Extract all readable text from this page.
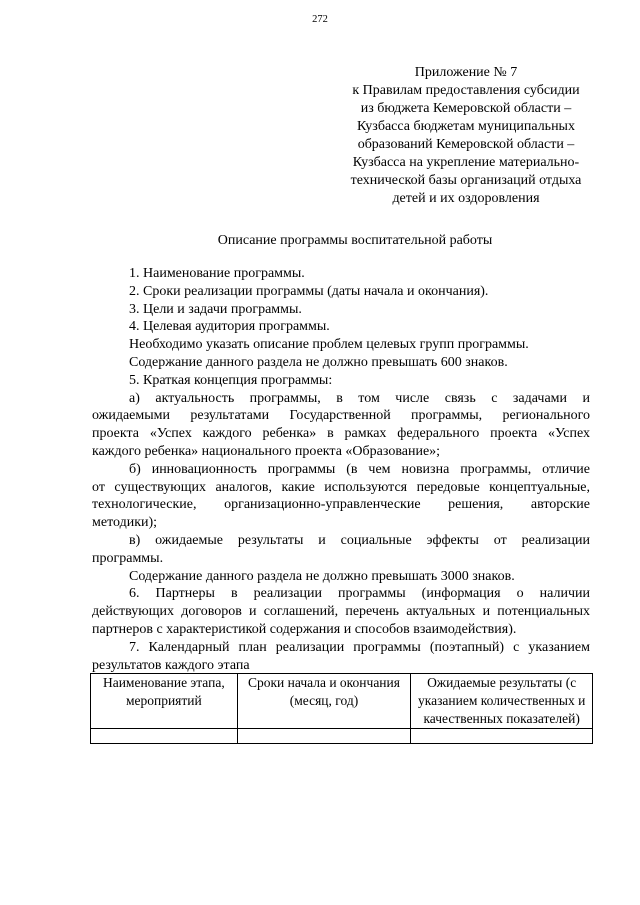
272
Приложение № 7
к Правилам предоставления субсидии
из бюджета Кемеровской области –
Кузбасса бюджетам муниципальных
образований Кемеровской области –
Кузбасса на укрепление материально-
технической базы организаций отдыха
детей и их оздоровления
Описание программы воспитательной работы
1. Наименование программы.
2. Сроки реализации программы (даты начала и окончания).
3. Цели и задачи программы.
4. Целевая аудитория программы.
Необходимо указать описание проблем целевых групп программы.
Содержание данного раздела не должно превышать 600 знаков.
5. Краткая концепция программы:
а) актуальность программы, в том числе связь с задачами и
ожидаемыми результатами Государственной программы, регионального
проекта «Успех каждого ребенка» в рамках федерального проекта «Успех
каждого ребенка» национального проекта «Образование»;
б) инновационность программы (в чем новизна программы, отличие
от существующих аналогов, какие используются передовые концептуальные,
технологические, организационно-управленческие решения, авторские
методики);
в) ожидаемые результаты и социальные эффекты от реализации
программы.
Содержание данного раздела не должно превышать 3000 знаков.
6. Партнеры в реализации программы (информация о наличии
действующих договоров и соглашений, перечень актуальных и потенциальных
партнеров с характеристикой содержания и способов взаимодействия).
7. Календарный план реализации программы (поэтапный) с указанием
результатов каждого этапа
Наименование этапа, мероприятий	Сроки начала и окончания (месяц, год)	Ожидаемые результаты (с указанием количественных и качественных показателей)
